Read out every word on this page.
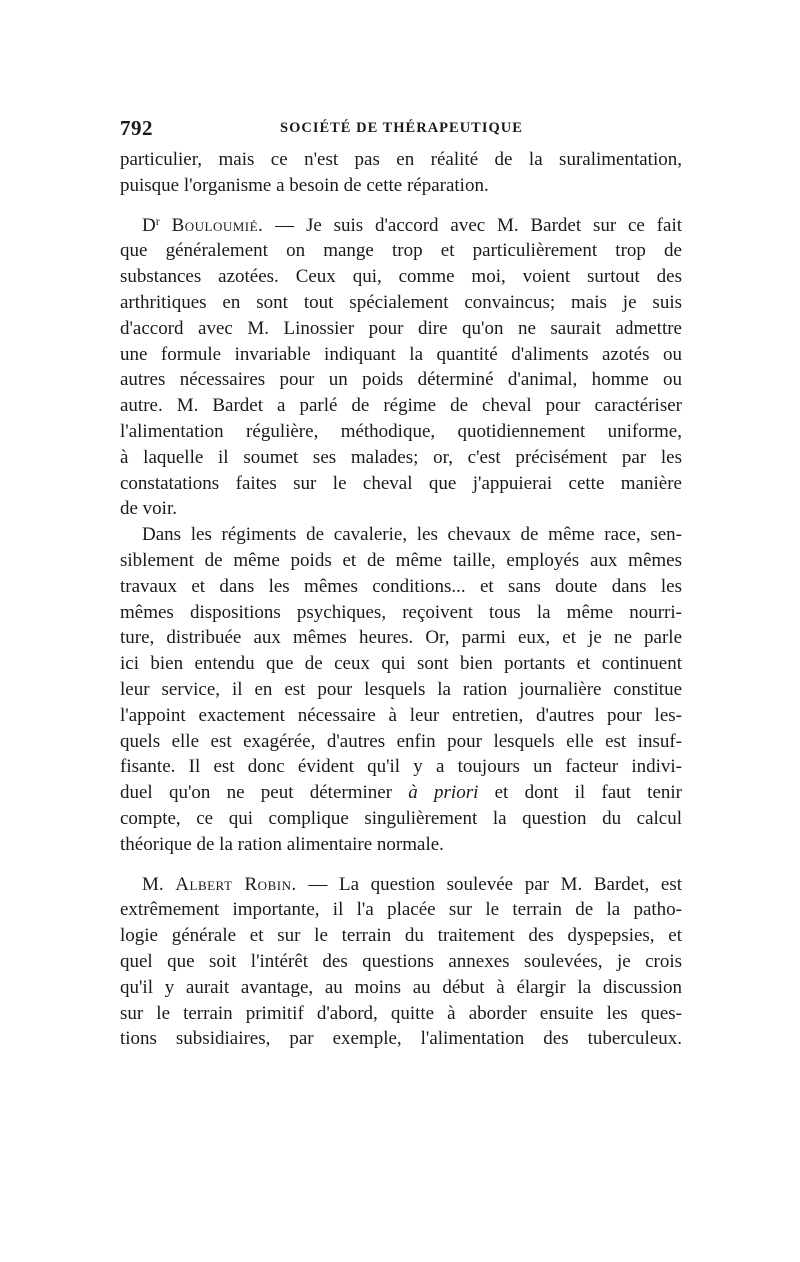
792	SOCIÉTÉ DE THÉRAPEUTIQUE
particulier, mais ce n'est pas en réalité de la suralimentation,
puisque l'organisme a besoin de cette réparation.
$D^r$ Bouloumié. — Je suis d'accord avec M. Bardet sur ce fait
que généralement on mange trop et particulièrement trop de
substances azotées. Ceux qui, comme moi, voient surtout des
arthritiques en sont tout spécialement convaincus; mais je suis
d'accord avec M. Linossier pour dire qu'on ne saurait admettre
une formule invariable indiquant la quantité d'aliments azotés ou
autres nécessaires pour un poids déterminé d'animal, homme ou
autre. M. Bardet a parlé de régime de cheval pour caractériser
l'alimentation régulière, méthodique, quotidiennement uniforme,
à laquelle il soumet ses malades; or, c'est précisément par les
constatations faites sur le cheval que j'appuierai cette manière
de voir.
Dans les régiments de cavalerie, les chevaux de même race, sen-
siblement de même poids et de même taille, employés aux mêmes
travaux et dans les mêmes conditions... et sans doute dans les
mêmes dispositions psychiques, reçoivent tous la même nourri-
ture, distribuée aux mêmes heures. Or, parmi eux, et je ne parle
ici bien entendu que de ceux qui sont bien portants et continuent
leur service, il en est pour lesquels la ration journalière constitue
l'appoint exactement nécessaire à leur entretien, d'autres pour les-
quels elle est exagérée, d'autres enfin pour lesquels elle est insuf-
fisante. Il est donc évident qu'il y a toujours un facteur indivi-
duel qu'on ne peut déterminer à priori et dont il faut tenir
compte, ce qui complique singulièrement la question du calcul
théorique de la ration alimentaire normale.
M. Albert Robin. — La question soulevée par M. Bardet, est
extrêmement importante, il l'a placée sur le terrain de la patho-
logie générale et sur le terrain du traitement des dyspepsies, et
quel que soit l'intérêt des questions annexes soulevées, je crois
qu'il y aurait avantage, au moins au début à élargir la discussion
sur le terrain primitif d'abord, quitte à aborder ensuite les ques-
tions subsidiaires, par exemple, l'alimentation des tuberculeux.
